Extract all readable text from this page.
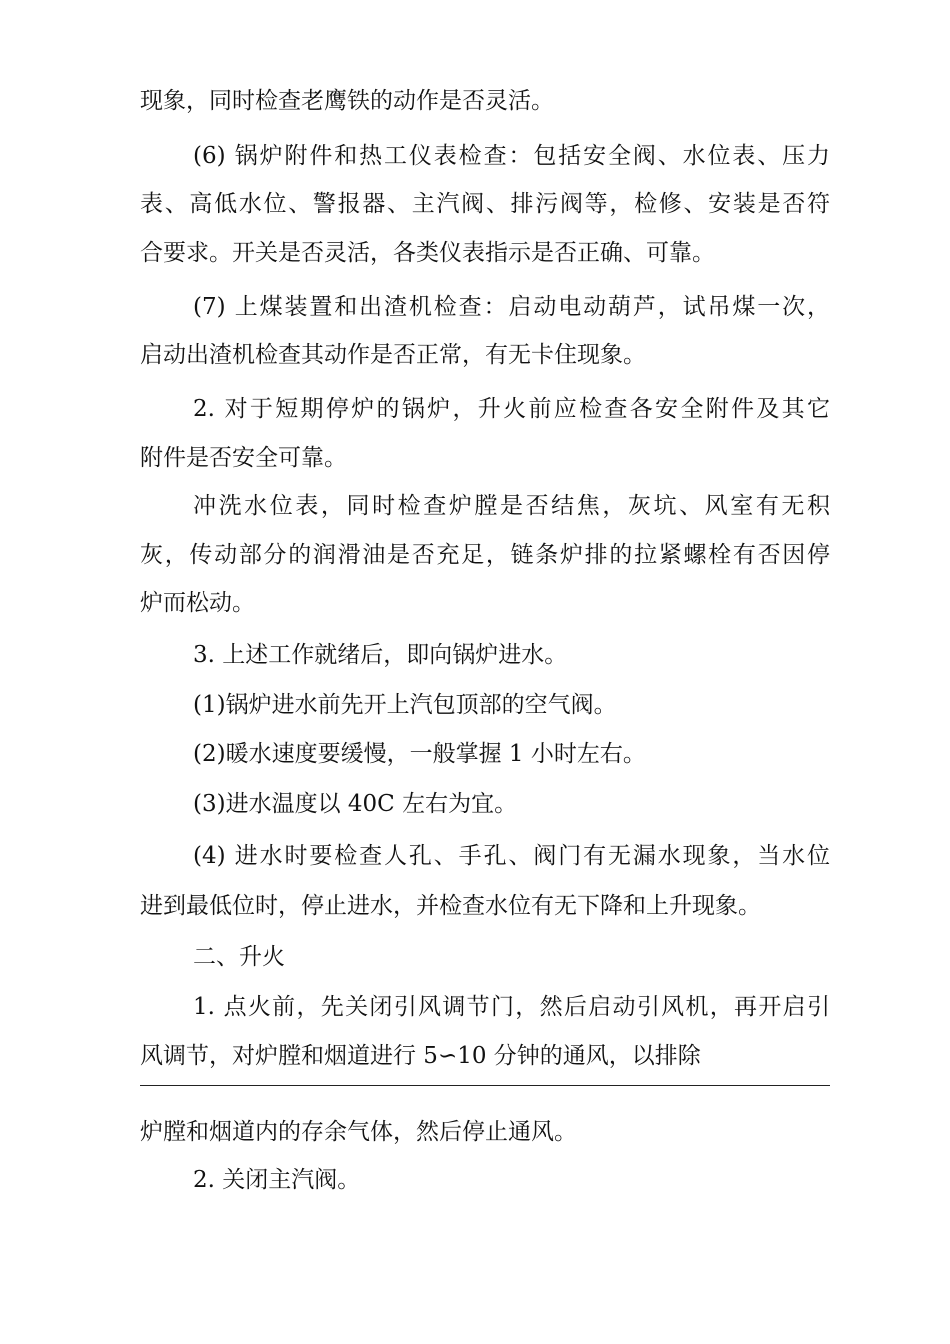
现象，同时检查老鹰铁的动作是否灵活。
(6) 锅炉附件和热工仪表检查：包括安全阀、水位表、压力
表、高低水位、警报器、主汽阀、排污阀等，检修、安装是否符
合要求。开关是否灵活，各类仪表指示是否正确、可靠。
(7) 上煤装置和出渣机检查：启动电动葫芦，试吊煤一次，
启动出渣机检查其动作是否正常，有无卡住现象。
2. 对于短期停炉的锅炉，升火前应检查各安全附件及其它
附件是否安全可靠。
冲洗水位表，同时检查炉膛是否结焦，灰坑、风室有无积
灰，传动部分的润滑油是否充足，链条炉排的拉紧螺栓有否因停
炉而松动。
3. 上述工作就绪后，即向锅炉进水。
(1)锅炉进水前先开上汽包顶部的空气阀。
(2)暖水速度要缓慢，一般掌握 1 小时左右。
(3)进水温度以 40C 左右为宜。
(4) 进水时要检查人孔、手孔、阀门有无漏水现象，当水位
进到最低位时，停止进水，并检查水位有无下降和上升现象。
二、升火
1. 点火前，先关闭引风调节门，然后启动引风机，再开启引
风调节，对炉膛和烟道进行 5∽10 分钟的通风，以排除
炉膛和烟道内的存余气体，然后停止通风。
2. 关闭主汽阀。
